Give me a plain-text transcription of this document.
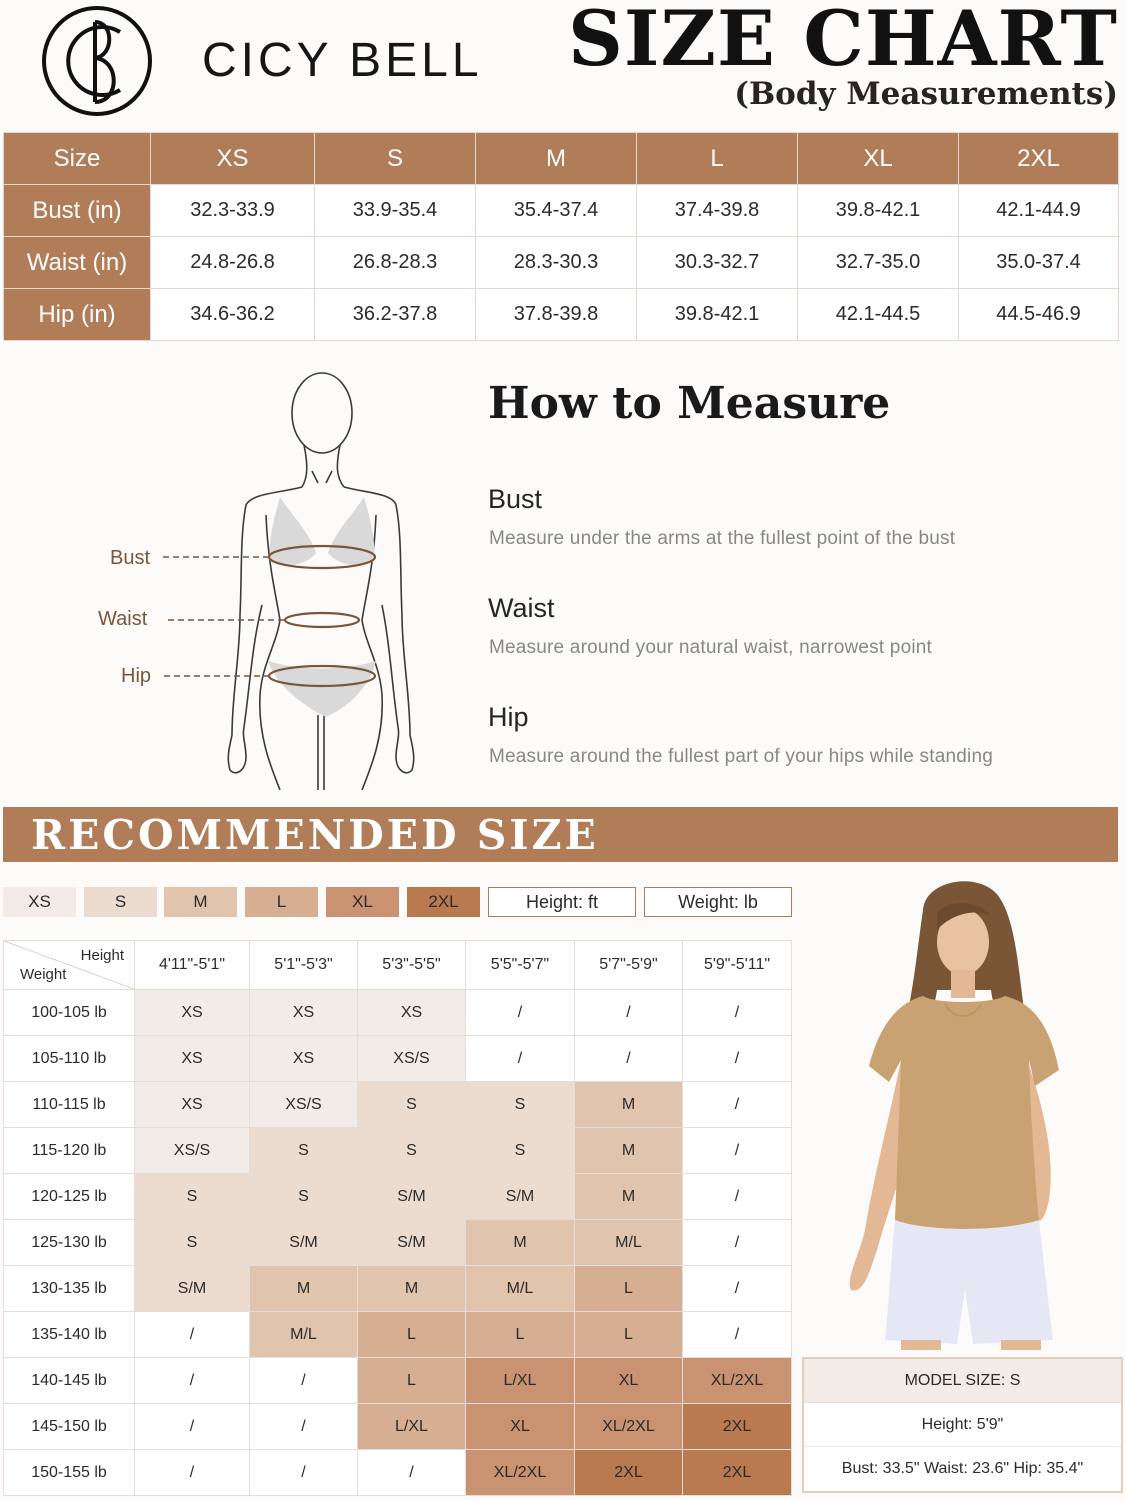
CICY BELL SIZE CHART
(Body Measurements)
Size	XS	S	M	L	XL	2XL
Bust (in)	32.3-33.9	33.9-35.4	35.4-37.4	37.4-39.8	39.8-42.1	42.1-44.9
Waist (in)	24.8-26.8	26.8-28.3	28.3-30.3	30.3-32.7	32.7-35.0	35.0-37.4
Hip (in)	34.6-36.2	36.2-37.8	37.8-39.8	39.8-42.1	42.1-44.5	44.5-46.9
Bust
Waist
Hip
How to Measure
Bust
Measure under the arms at the fullest point of the bust
Waist
Measure around your natural waist, narrowest point
Hip
Measure around the fullest part of your hips while standing
RECOMMENDED SIZE
XS	S	M	L	XL	2XL	Height: ft	Weight: lb
Height
Weight	4'11"-5'1"	5'1"-5'3"	5'3"-5'5"	5'5"-5'7"	5'7"-5'9"	5'9"-5'11"
100-105 lb	XS	XS	XS	/	/	/
105-110 lb	XS	XS	XS/S	/	/	/
110-115 lb	XS	XS/S	S	S	M	/
115-120 lb	XS/S	S	S	S	M	/
120-125 lb	S	S	S/M	S/M	M	/
125-130 lb	S	S/M	S/M	M	M/L	/
130-135 lb	S/M	M	M	M/L	L	/
135-140 lb	/	M/L	L	L	L	/
140-145 lb	/	/	L	L/XL	XL	XL/2XL
145-150 lb	/	/	L/XL	XL	XL/2XL	2XL
150-155 lb	/	/	/	XL/2XL	2XL	2XL
MODEL SIZE: S
Height: 5'9"
Bust: 33.5" Waist: 23.6" Hip: 35.4"
